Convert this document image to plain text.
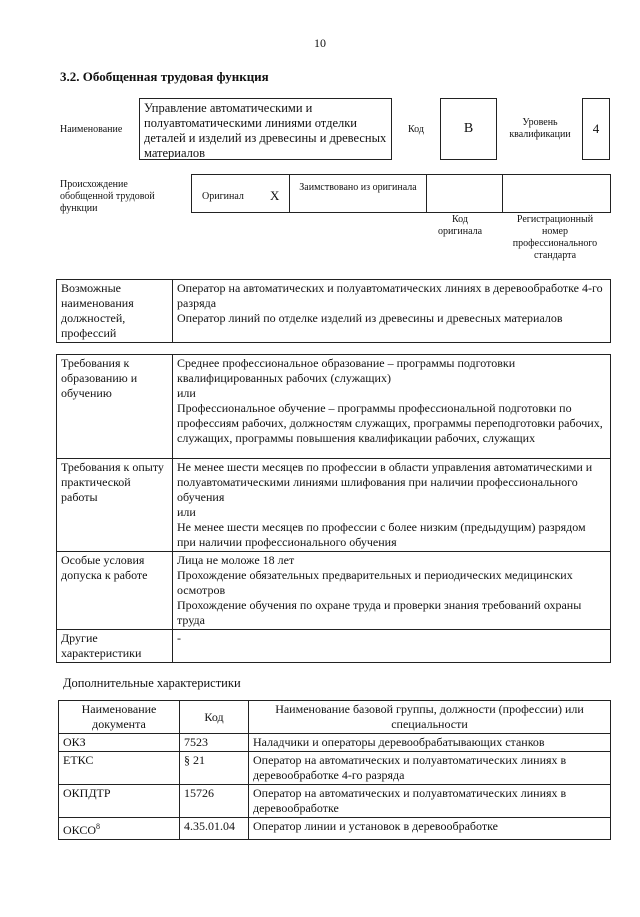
10
3.2. Обобщенная трудовая функция
Наименование
Управление автоматическими и полуавтоматическими линиями отделки деталей и изделий из древесины и древесных материалов
Код	B	Уровень квалификации	4
Происхождение обобщенной трудовой функции
Оригинал X
Заимствовано из оригинала
Код оригинала
Регистрационный номер профессионального стандарта
Возможные наименования должностей, профессий	
Оператор на автоматических и полуавтоматических линиях в деревообработке 4-го разряда
Оператор линий по отделке изделий из древесины и древесных материалов
Требования к образованию и обучению	Среднее профессиональное образование – программы подготовки квалифицированных рабочих (служащих)
или
Профессиональное обучение – программы профессиональной подготовки по профессиям рабочих, должностям служащих, программы переподготовки рабочих, служащих, программы повышения квалификации рабочих, служащих

Требования к опыту практической работы	Не менее шести месяцев по профессии в области управления автоматическими и полуавтоматическими линиями шлифования при наличии профессионального обучения
или
Не менее шести месяцев по профессии с более низким (предыдущим) разрядом при наличии профессионального обучения

Особые условия допуска к работе	Лица не моложе 18 лет
Прохождение обязательных предварительных и периодических медицинских осмотров
Прохождение обучения по охране труда и проверки знания требований охраны труда

Другие характеристики	-
Дополнительные характеристики
Наименование документа	Код	Наименование базовой группы, должности (профессии) или специальности
ОКЗ	7523	Наладчики и операторы деревообрабатывающих станков
ЕТКС	§ 21	Оператор на автоматических и полуавтоматических линиях в деревообработке 4-го разряда
ОКПДТР	15726	Оператор на автоматических и полуавтоматических линиях в деревообработке
ОКСО$^8$	4.35.01.04	Оператор линии и установок в деревообработке
